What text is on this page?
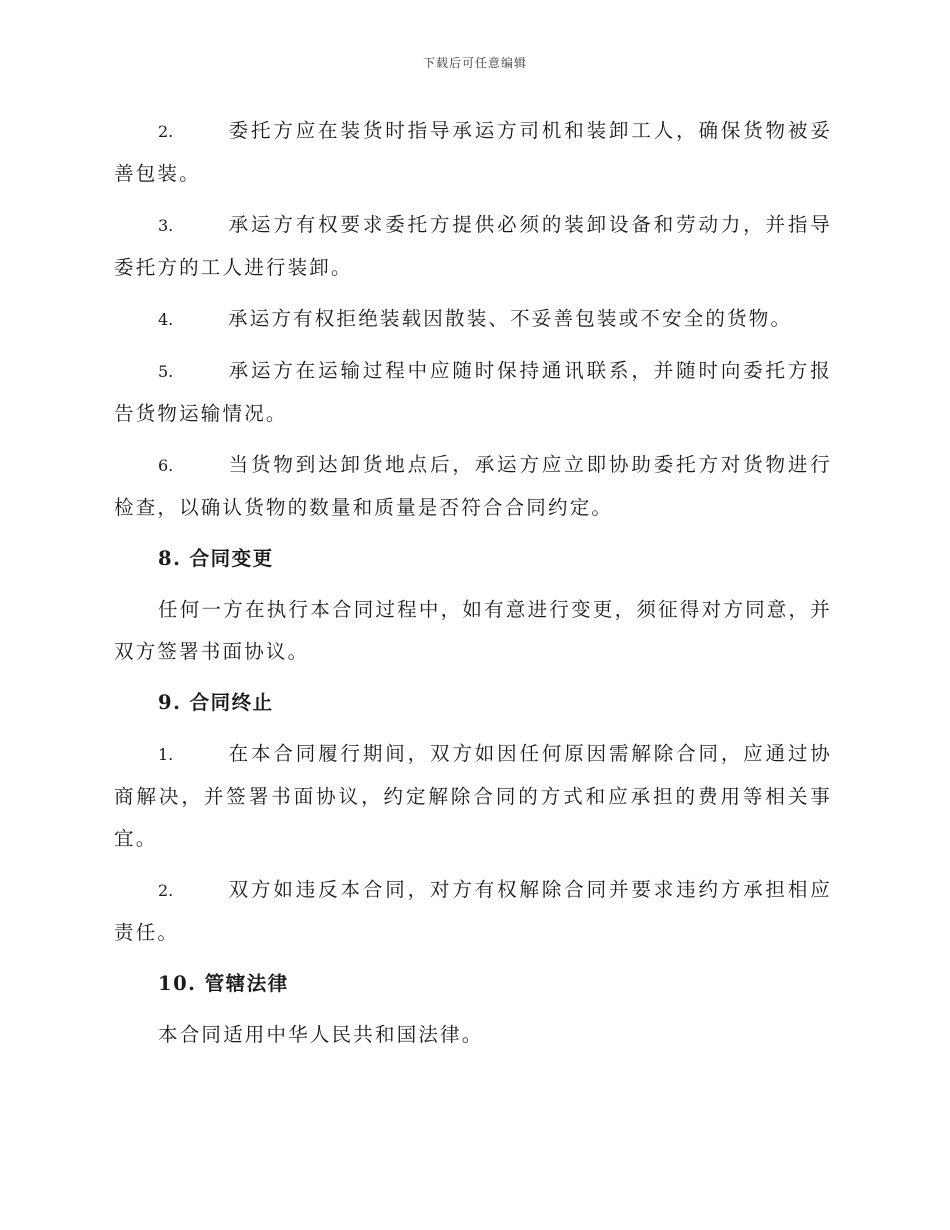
下载后可任意编辑

2.	委托方应在装货时指导承运方司机和装卸工人，确保货物被妥善包装。

3.	承运方有权要求委托方提供必须的装卸设备和劳动力，并指导委托方的工人进行装卸。

4.	承运方有权拒绝装载因散装、不妥善包装或不安全的货物。

5.	承运方在运输过程中应随时保持通讯联系，并随时向委托方报告货物运输情况。

6.	当货物到达卸货地点后，承运方应立即协助委托方对货物进行检查，以确认货物的数量和质量是否符合合同约定。

8. 合同变更

任何一方在执行本合同过程中，如有意进行变更，须征得对方同意，并双方签署书面协议。

9. 合同终止

1.	在本合同履行期间，双方如因任何原因需解除合同，应通过协商解决，并签署书面协议，约定解除合同的方式和应承担的费用等相关事宜。

2.	双方如违反本合同，对方有权解除合同并要求违约方承担相应责任。

10. 管辖法律

本合同适用中华人民共和国法律。
